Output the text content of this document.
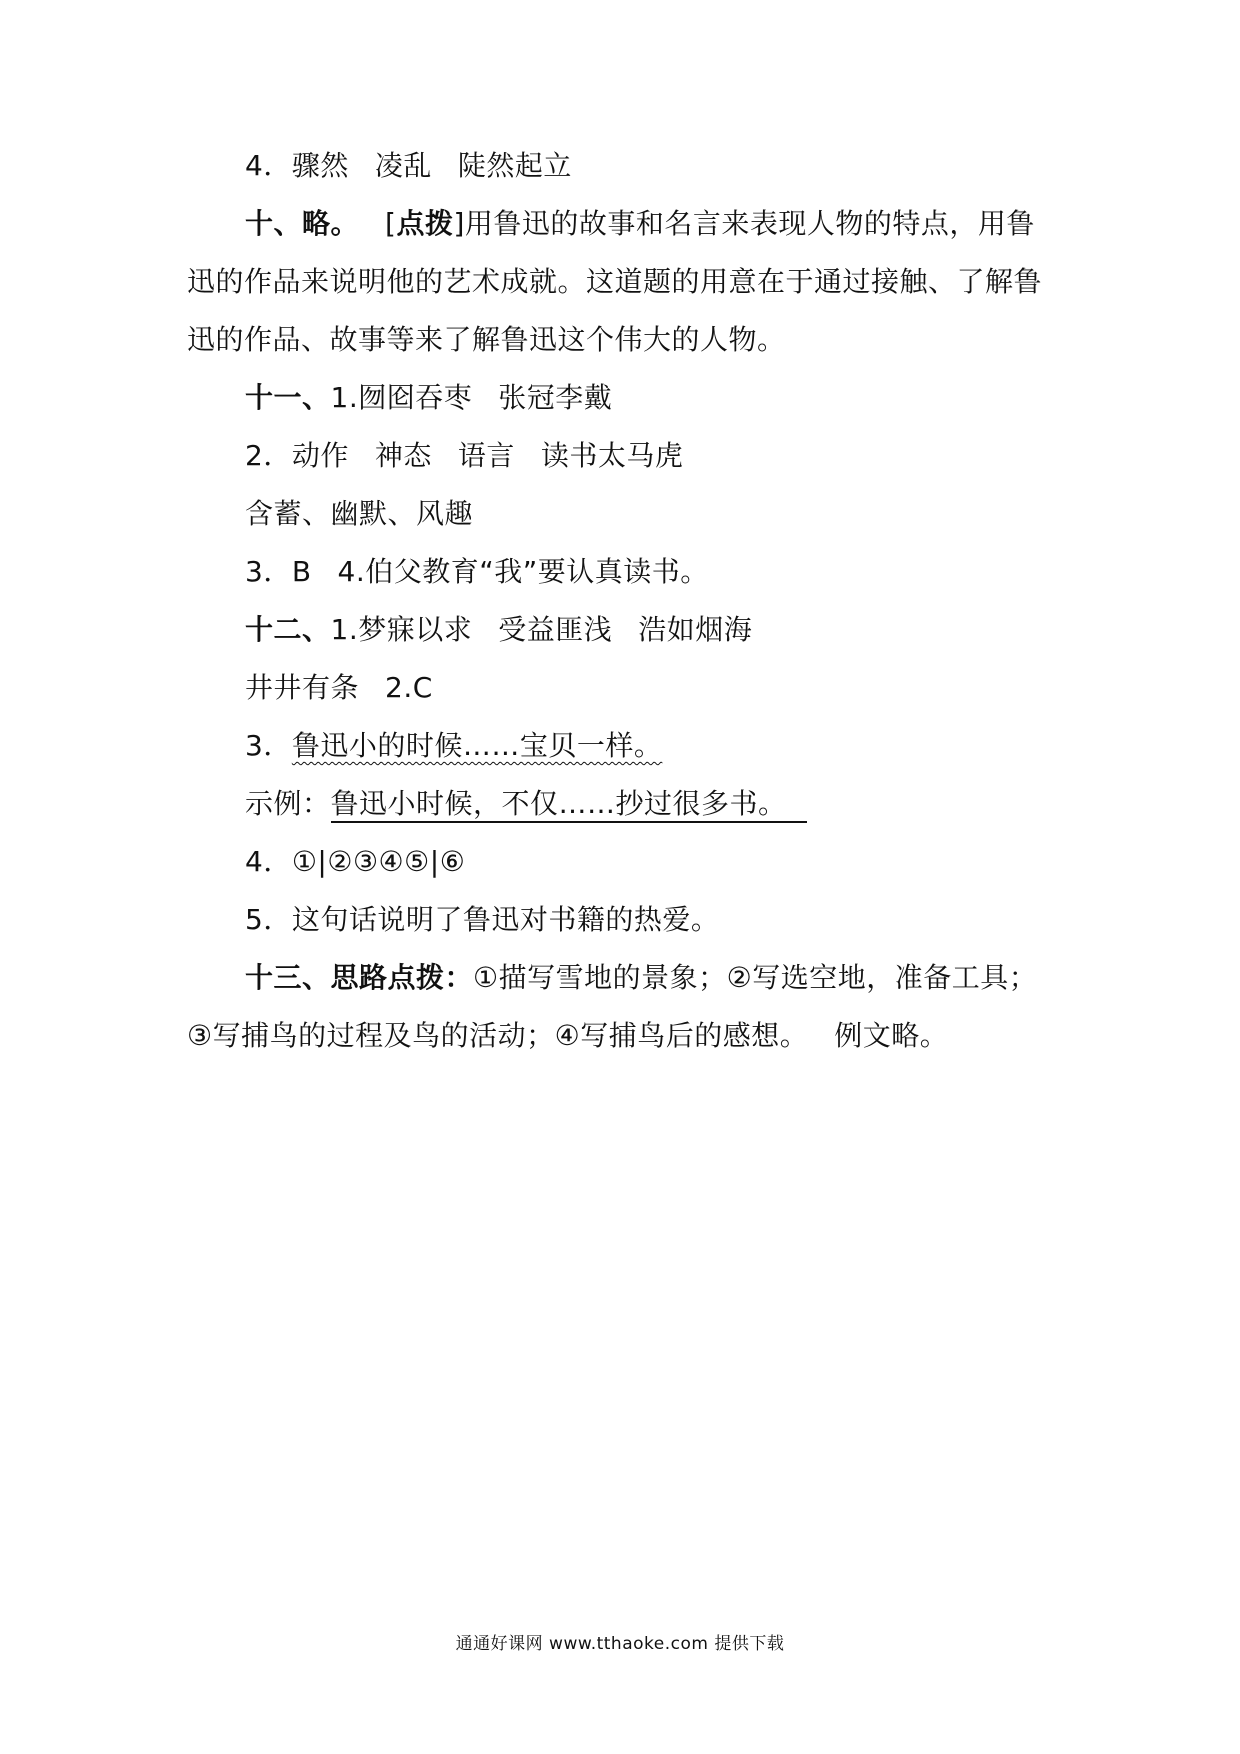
4．骤然 凌乱 陡然起立
十、略。 [点拨]用鲁迅的故事和名言来表现人物的特点，用鲁
迅的作品来说明他的艺术成就。这道题的用意在于通过接触、了解鲁
迅的作品、故事等来了解鲁迅这个伟大的人物。
十一、1.囫囵吞枣 张冠李戴
2．动作 神态 语言 读书太马虎
含蓄、幽默、风趣
3．B 4.伯父教育“我”要认真读书。
十二、1.梦寐以求 受益匪浅 浩如烟海
井井有条 2.C
3．鲁迅小的时候……宝贝一样。
示例：鲁迅小时候，不仅……抄过很多书。
4．①|②③④⑤|⑥
5．这句话说明了鲁迅对书籍的热爱。
十三、思路点拨：①描写雪地的景象；②写选空地，准备工具；
③写捕鸟的过程及鸟的活动；④写捕鸟后的感想。 例文略。
通通好课网 www.tthaoke.com 提供下载
